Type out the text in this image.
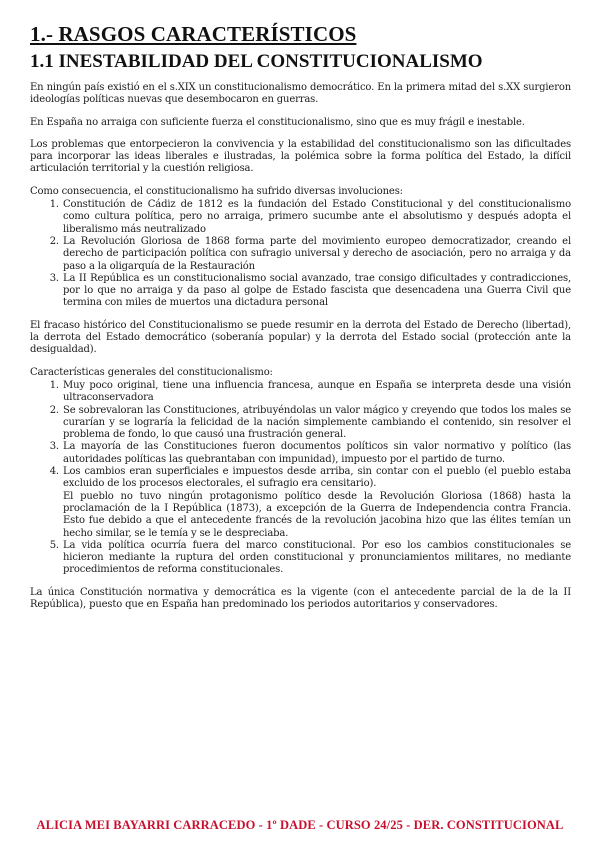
1.- RASGOS CARACTERÍSTICOS
1.1 INESTABILIDAD DEL CONSTITUCIONALISMO

En ningún país existió en el s.XIX un constitucionalismo democrático. En la primera mitad del s.XX surgieron ideologías políticas nuevas que desembocaron en guerras.

En España no arraiga con suficiente fuerza el constitucionalismo, sino que es muy frágil e inestable.

Los problemas que entorpecieron la convivencia y la estabilidad del constitucionalismo son las dificultades para incorporar las ideas liberales e ilustradas, la polémica sobre la forma política del Estado, la difícil articulación territorial y la cuestión religiosa.

Como consecuencia, el constitucionalismo ha sufrido diversas involuciones:

1. Constitución de Cádiz de 1812 es la fundación del Estado Constitucional y del constitucionalismo como cultura política, pero no arraiga, primero sucumbe ante el absolutismo y después adopta el liberalismo más neutralizado
2. La Revolución Gloriosa de 1868 forma parte del movimiento europeo democratizador, creando el derecho de participación política con sufragio universal y derecho de asociación, pero no arraiga y da paso a la oligarquía de la Restauración
3. La II República es un constitucionalismo social avanzado, trae consigo dificultades y contradicciones, por lo que no arraiga y da paso al golpe de Estado fascista que desencadena una Guerra Civil que termina con miles de muertos una dictadura personal

El fracaso histórico del Constitucionalismo se puede resumir en la derrota del Estado de Derecho (libertad), la derrota del Estado democrático (soberanía popular) y la derrota del Estado social (protección ante la desigualdad).

Características generales del constitucionalismo:

1. Muy poco original, tiene una influencia francesa, aunque en España se interpreta desde una visión ultraconservadora
2. Se sobrevaloran las Constituciones, atribuyéndolas un valor mágico y creyendo que todos los males se curarían y se lograría la felicidad de la nación simplemente cambiando el contenido, sin resolver el problema de fondo, lo que causó una frustración general.
3. La mayoría de las Constituciones fueron documentos políticos sin valor normativo y político (las autoridades políticas las quebrantaban con impunidad), impuesto por el partido de turno.
4. Los cambios eran superficiales e impuestos desde arriba, sin contar con el pueblo (el pueblo estaba excluido de los procesos electorales, el sufragio era censitario).
El pueblo no tuvo ningún protagonismo político desde la Revolución Gloriosa (1868) hasta la proclamación de la I República (1873), a excepción de la Guerra de Independencia contra Francia. Esto fue debido a que el antecedente francés de la revolución jacobina hizo que las élites temían un hecho similar, se le temía y se le despreciaba.
5. La vida política ocurría fuera del marco constitucional. Por eso los cambios constitucionales se hicieron mediante la ruptura del orden constitucional y pronunciamientos militares, no mediante procedimientos de reforma constitucionales.

La única Constitución normativa y democrática es la vigente (con el antecedente parcial de la de la II República), puesto que en España han predominado los periodos autoritarios y conservadores.

ALICIA MEI BAYARRI CARRACEDO - 1º DADE - CURSO 24/25 - DER. CONSTITUCIONAL
